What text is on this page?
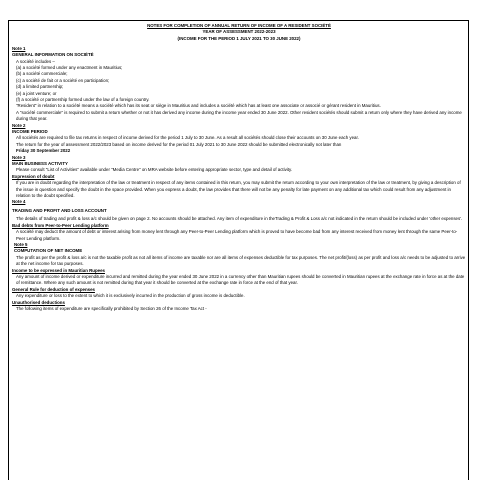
NOTES FOR COMPLETION OF ANNUAL RETURN OF INCOME OF A RESIDENT SOCIÉTÉ
YEAR OF ASSESSMENT 2022-2023
(INCOME FOR THE PERIOD 1 JULY 2021 TO 30 JUNE 2022)
Note 1
GENERAL INFORMATION ON SOCIÉTÉ
A société includes –
(a) a société formed under any enactment in Mauritius;
(b) a société commerciale;
(c) a société de fait or a société en participation;
(d) a limited partnership;
(e) a joint venture; or
(f) a société or partnership formed under the law of a foreign country.
"Resident" in relation to a société means a société which has its seat or siège in Mauritius and includes a société which has at least one associate or associé or gérant resident in Mauritius.
A "société commerciale" is required to submit a return whether or not it has derived any income during the income year ended 30 June 2022. Other resident sociétés should submit a return only where they have derived any income during that year.
Note 2
INCOME PERIOD
All sociétés are required to file tax returns in respect of income derived for the period 1 July to 30 June. As a result all sociétés should close their accounts on 30 June each year.
The return for the year of assessment 2022/2023 based on income derived for the period 01 July 2021 to 30 June 2022 should be submitted electronically not later than
Friday 30 September 2022
Note 3
MAIN BUSINESS ACTIVITY
Please consult "List of Activities" available under "Media Centre" on MRA website before entering appropriate sector, type and detail of activity.
Expression of doubt
If you are in doubt regarding the interpretation of the law or treatment in respect of any items contained in this return, you may submit the return according to your own interpretation of the law or treatment, by giving a description of the issue in question and specify the doubt in the space provided. When you express a doubt, the law provides that there will not be any penalty for late payment on any additional tax which could result from any adjustment in relation to the doubt specified.
Note 4
TRADING AND PROFIT AND LOSS ACCOUNT
The details of trading and profit & loss a/c should be given on page 2. No accounts should be attached. Any item of expenditure in theTrading & Profit & Loss a/c not indicated in the return should be included under 'other expenses'.
Bad debts from Peer-to-Peer Lending platform
A société may deduct the amount of debt or interest arising from money lent through any Peer-to-Peer Lending platform which is proved to have become bad from any interest received from money lent through the same Peer-to-Peer Lending platform.
Note 5
COMPUTATION OF NET INCOME
The profit as per the profit & loss a/c is not the taxable profit as not all items of income are taxable nor are all items of expenses deductible for tax purposes. The net profit/(loss) as per profit and loss a/c needs to be adjusted to arrive at the net income for tax purposes.
Income to be expressed in Mauritian Rupees
Any amount of income derived or expenditure incurred and remitted during the year ended 30 June 2022 in a currency other than Mauritian rupees should be converted in Mauritian rupees at the exchange rate in force as at the date of remittance. Where any such amount is not remitted during that year it should be converted at the exchange rate in force at the end of that year.
General Rule for deduction of expenses
Any expenditure or loss to the extent to which it is exclusively incurred in the production of gross income is deductible.
Unauthorised deductions
The following items of expenditure are specifically prohibited by Section 26 of the Income Tax Act -
